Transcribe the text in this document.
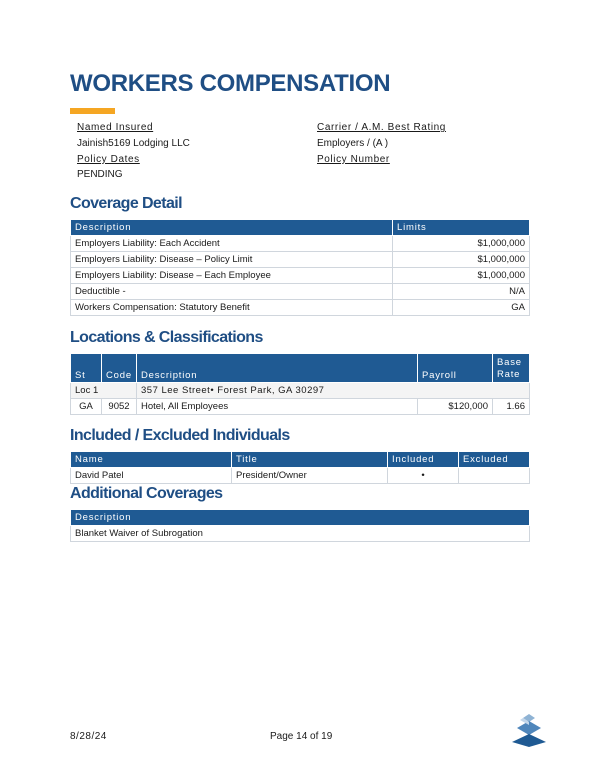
WORKERS COMPENSATION
Named Insured
Jainish5169 Lodging LLC
Carrier / A.M. Best Rating
Employers / (A )
Policy Dates
PENDING
Policy Number
Coverage Detail
Description	Limits
Employers Liability: Each Accident	$1,000,000
Employers Liability: Disease – Policy Limit	$1,000,000
Employers Liability: Disease – Each Employee	$1,000,000
Deductible -	N/A
Workers Compensation: Statutory Benefit	GA
Locations & Classifications
St	Code	Description	Payroll	Base
Rate

Loc 1		357 Lee Street• Forest Park, GA 30297		
GA	9052	Hotel, All Employees	$120,000	1.66
Included / Excluded Individuals
Name	Title	Included	Excluded
David Patel	President/Owner	•	
Additional Coverages
Description
Blanket Waiver of Subrogation
8/28/24	Page 14 of 19
